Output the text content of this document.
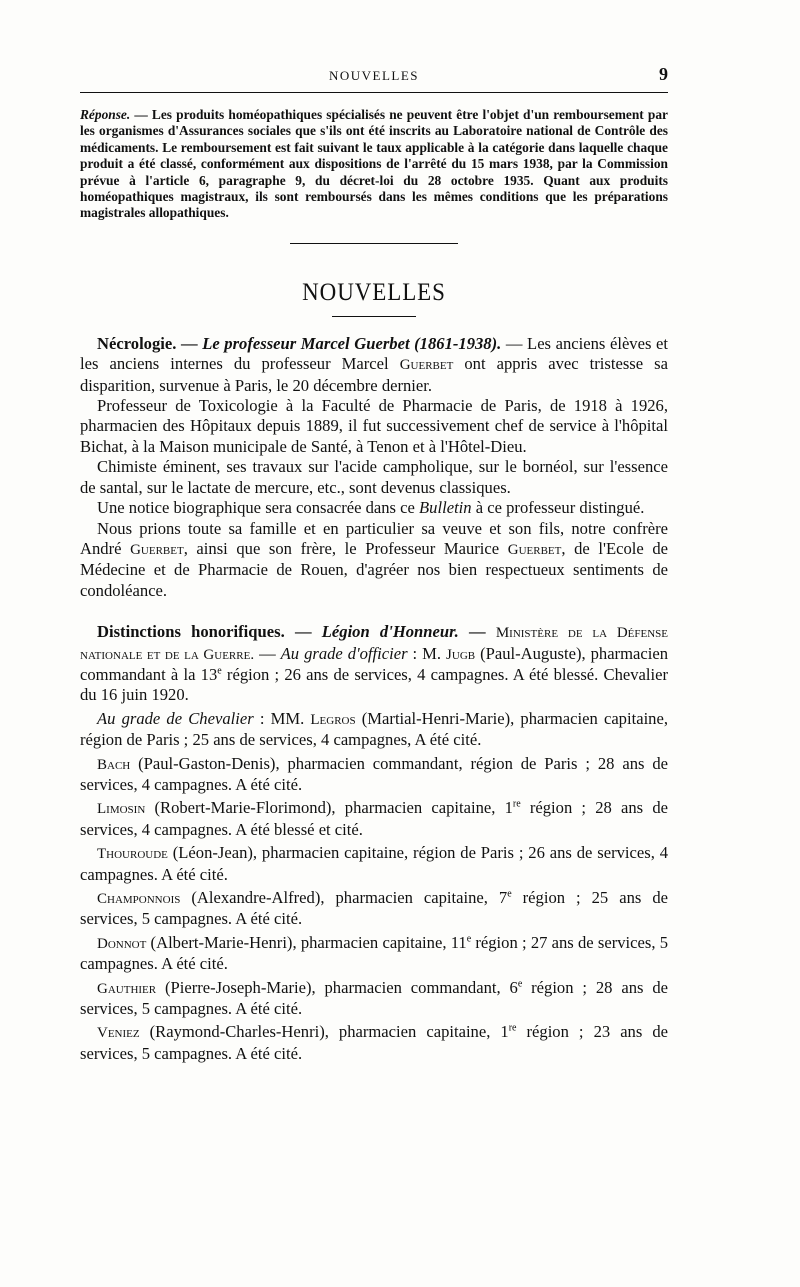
NOUVELLES	9
Réponse. — Les produits homéopathiques spécialisés ne peuvent être l'objet d'un remboursement par les organismes d'Assurances sociales que s'ils ont été inscrits au Laboratoire national de Contrôle des médicaments. Le remboursement est fait suivant le taux applicable à la catégorie dans laquelle chaque produit a été classé, conformément aux dispositions de l'arrêté du 15 mars 1938, par la Commission prévue à l'article 6, paragraphe 9, du décret-loi du 28 octobre 1935. Quant aux produits homéopathiques magistraux, ils sont remboursés dans les mêmes conditions que les préparations magistrales allopathiques.
NOUVELLES

Nécrologie. — Le professeur Marcel Guerbet (1861-1938). — Les anciens élèves et les anciens internes du professeur Marcel Guerbet ont appris avec tristesse sa disparition, survenue à Paris, le 20 décembre dernier.

Professeur de Toxicologie à la Faculté de Pharmacie de Paris, de 1918 à 1926, pharmacien des Hôpitaux depuis 1889, il fut successivement chef de service à l'hôpital Bichat, à la Maison municipale de Santé, à Tenon et à l'Hôtel-Dieu.

Chimiste éminent, ses travaux sur l'acide campholique, sur le bornéol, sur l'essence de santal, sur le lactate de mercure, etc., sont devenus classiques.

Une notice biographique sera consacrée dans ce Bulletin à ce professeur distingué.

Nous prions toute sa famille et en particulier sa veuve et son fils, notre confrère André Guerbet, ainsi que son frère, le Professeur Maurice Guerbet, de l'Ecole de Médecine et de Pharmacie de Rouen, d'agréer nos bien respectueux sentiments de condoléance.

Distinctions honorifiques. — Légion d'Honneur. — Ministère de la Défense nationale et de la Guerre. — Au grade d'officier : M. Jugb (Paul-Auguste), pharmacien commandant à la 13e région ; 26 ans de services, 4 campagnes. A été blessé. Chevalier du 16 juin 1920.

Au grade de Chevalier : MM. Legros (Martial-Henri-Marie), pharmacien capitaine, région de Paris ; 25 ans de services, 4 campagnes, A été cité.

Bach (Paul-Gaston-Denis), pharmacien commandant, région de Paris ; 28 ans de services, 4 campagnes. A été cité.

Limosin (Robert-Marie-Florimond), pharmacien capitaine, 1re région ; 28 ans de services, 4 campagnes. A été blessé et cité.

Thouroude (Léon-Jean), pharmacien capitaine, région de Paris ; 26 ans de services, 4 campagnes. A été cité.

Champonnois (Alexandre-Alfred), pharmacien capitaine, 7e région ; 25 ans de services, 5 campagnes. A été cité.

Donnot (Albert-Marie-Henri), pharmacien capitaine, 11e région ; 27 ans de services, 5 campagnes. A été cité.

Gauthier (Pierre-Joseph-Marie), pharmacien commandant, 6e région ; 28 ans de services, 5 campagnes. A été cité.

Veniez (Raymond-Charles-Henri), pharmacien capitaine, 1re région ; 23 ans de services, 5 campagnes. A été cité.
